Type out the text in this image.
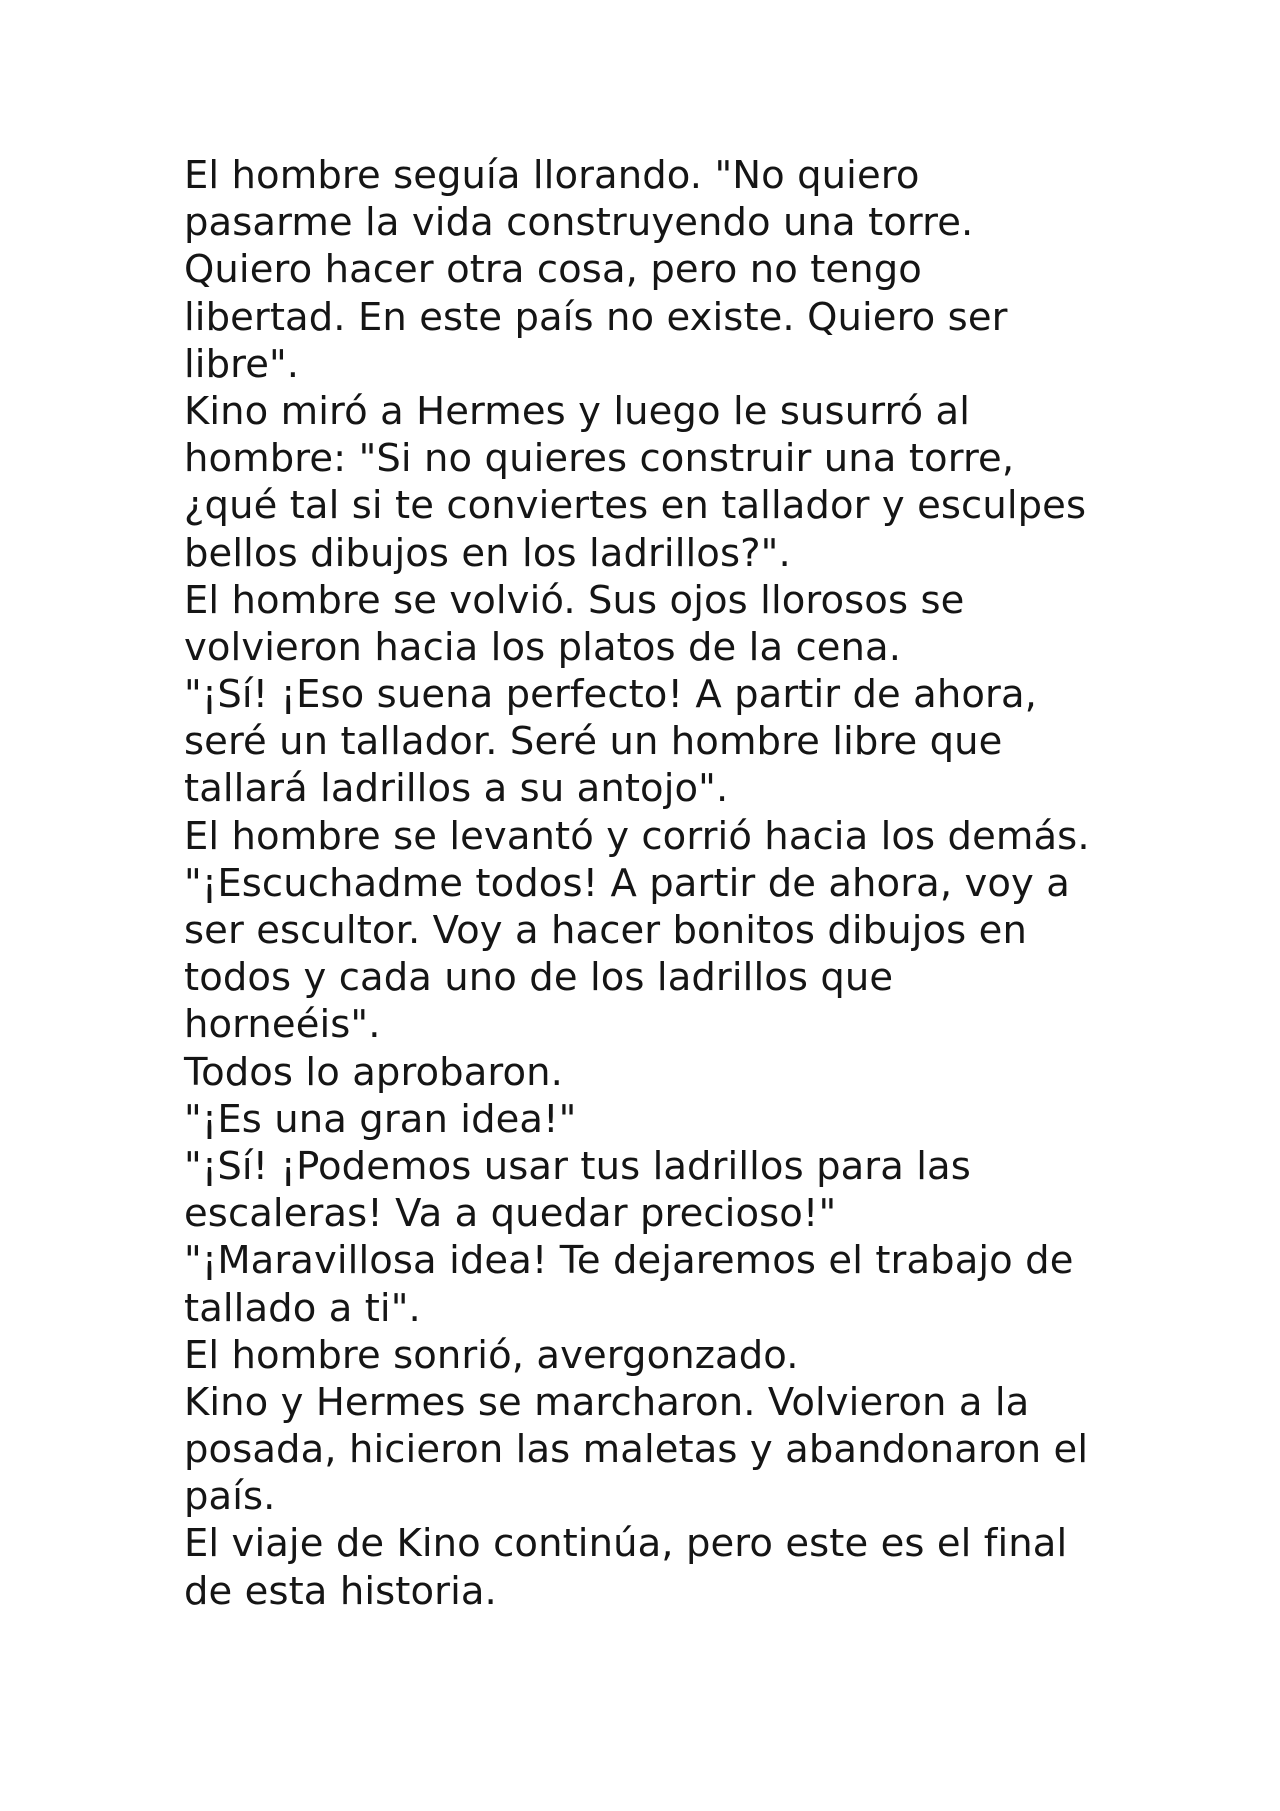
El hombre seguía llorando. "No quiero
pasarme la vida construyendo una torre.
Quiero hacer otra cosa, pero no tengo
libertad. En este país no existe. Quiero ser
libre".
Kino miró a Hermes y luego le susurró al
hombre: "Si no quieres construir una torre,
¿qué tal si te conviertes en tallador y esculpes
bellos dibujos en los ladrillos?".
El hombre se volvió. Sus ojos llorosos se
volvieron hacia los platos de la cena.
"¡Sí! ¡Eso suena perfecto! A partir de ahora,
seré un tallador. Seré un hombre libre que
tallará ladrillos a su antojo".
El hombre se levantó y corrió hacia los demás.
"¡Escuchadme todos! A partir de ahora, voy a
ser escultor. Voy a hacer bonitos dibujos en
todos y cada uno de los ladrillos que
horneéis".
Todos lo aprobaron.
"¡Es una gran idea!"
"¡Sí! ¡Podemos usar tus ladrillos para las
escaleras! Va a quedar precioso!"
"¡Maravillosa idea! Te dejaremos el trabajo de
tallado a ti".
El hombre sonrió, avergonzado.
Kino y Hermes se marcharon. Volvieron a la
posada, hicieron las maletas y abandonaron el
país.
El viaje de Kino continúa, pero este es el final
de esta historia.
